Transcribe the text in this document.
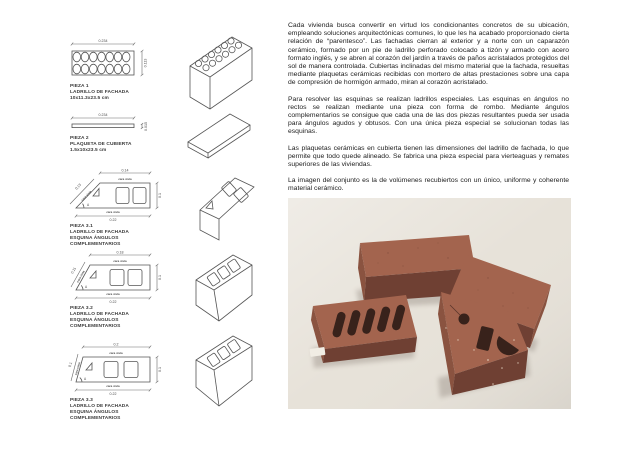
0.234
0.113
PIEZA 1
LADRILLO DE FACHADA
10x11.3x23.5 cm
0.234
0.015
PIEZA 2
PLAQUETA DE CUBIERTA
1.5x10x23.5 cm
0.14
cara vista
cara vista
0.22
0.1
0.13
cara vista
A
PIEZA 3.1
LADRILLO DE FACHADA
ESQUINA ÁNGULOS
COMPLEMENTARIOS
0.18
cara vista
cara vista
0.22
0.1
0.11
cara vista
A
PIEZA 3.2
LADRILLO DE FACHADA
ESQUINA ÁNGULOS
COMPLEMENTARIOS
0.2
cara vista
cara vista
0.22
0.1
0.1 cara vista
A
PIEZA 3.3
LADRILLO DE FACHADA
ESQUINA ÁNGULOS
COMPLEMENTARIOS

Cada vivienda busca convertir en virtud los condicionantes concretos de su ubicación, empleando soluciones arquitectónicas comunes, lo que les ha acabado proporcionado cierta relación de “parentesco”. Las fachadas cierran al exterior y a norte con un caparazón cerámico, formado por un pie de ladrillo perforado colocado a tizón y armado con acero formato inglés, y se abren al corazón del jardín a través de paños acristalados protegidos del sol de manera controlada. Cubiertas inclinadas del mismo material que la fachada, resueltas mediante plaquetas cerámicas recibidas con mortero de altas prestaciones sobre una capa de compresión de hormigón armado, miran al corazón acristalado.

Para resolver las esquinas se realizan ladrillos especiales. Las esquinas en ángulos no rectos se realizan mediante una pieza con forma de rombo. Mediante ángulos complementarios se consigue que cada una de las dos piezas resultantes pueda ser usada para ángulos agudos y obtusos. Con una única pieza especial se solucionan todas las esquinas.

Las plaquetas cerámicas en cubierta tienen las dimensiones del ladrillo de fachada, lo que permite que todo quede alineado. Se fabrica una pieza especial para vierteaguas y remates superiores de las viviendas.

La imagen del conjunto es la de volúmenes recubiertos con un único, uniforme y coherente material cerámico.
